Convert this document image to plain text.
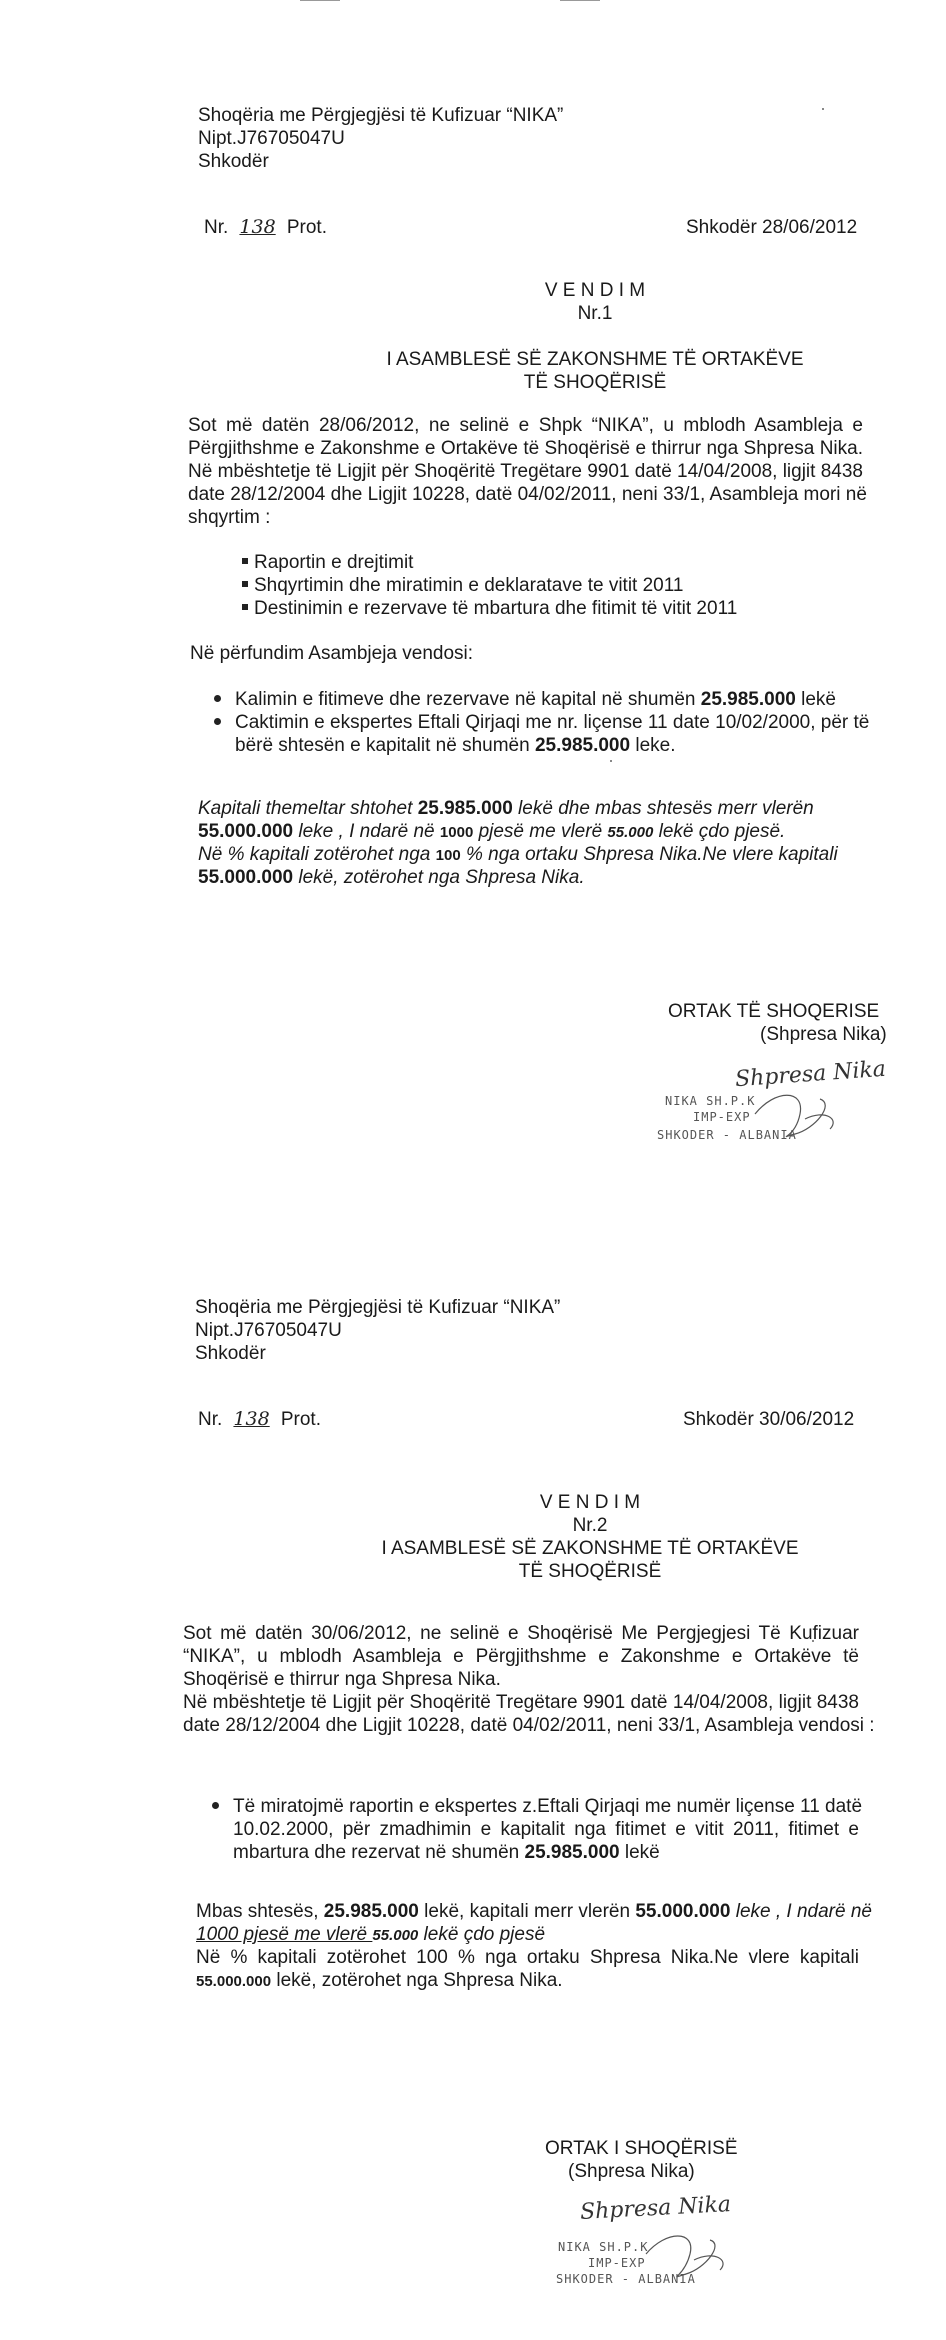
Shoqëria me Përgjegjësi të Kufizuar “NIKA”
Nipt.J76705047U
Shkodër
Nr. 138 Prot.	Shkodër 28/06/2012
V E N D I M
Nr.1
I ASAMBLESË SË ZAKONSHME TË ORTAKËVE
TË SHOQËRISË
Sot më datën 28/06/2012, ne selinë e Shpk “NIKA”, u mblodh Asambleja e
Përgjithshme e Zakonshme e Ortakëve të Shoqërisë e thirrur nga Shpresa Nika.
Në mbështetje të Ligjit për Shoqëritë Tregëtare 9901 datë 14/04/2008, ligjit 8438
date 28/12/2004 dhe Ligjit 10228, datë 04/02/2011, neni 33/1, Asambleja mori në
shqyrtim :
Raportin e drejtimit
Shqyrtimin dhe miratimin e deklaratave te vitit 2011
Destinimin e rezervave të mbartura dhe fitimit të vitit 2011
Në përfundim Asambjeja vendosi:
Kalimin e fitimeve dhe rezervave në kapital në shumën 25.985.000 lekë
Caktimin e ekspertes Eftali Qirjaqi me nr. liçense 11 date 10/02/2000, për të
bërë shtesën e kapitalit në shumën 25.985.000 leke.
Kapitali themeltar shtohet 25.985.000 lekë dhe mbas shtesës merr vlerën
55.000.000 leke , I ndarë në 1000 pjesë me vlerë 55.000 lekë çdo pjesë.
Në % kapitali zotërohet nga 100 % nga ortaku Shpresa Nika.Ne vlere kapitali
55.000.000 lekë, zotërohet nga Shpresa Nika.
ORTAK TË SHOQERISE
(Shpresa Nika)
Shpresa Nika
NIKA SH.P.K
IMP-EXP
SHKODER - ALBANIA
Shoqëria me Përgjegjësi të Kufizuar “NIKA”
Nipt.J76705047U
Shkodër
Nr. 138 Prot.	Shkodër 30/06/2012
V E N D I M
Nr.2
I ASAMBLESË SË ZAKONSHME TË ORTAKËVE
TË SHOQËRISË
Sot më datën 30/06/2012, ne selinë e Shoqërisë Me Pergjegjesi Të Kufizuar
“NIKA”, u mblodh Asambleja e Përgjithshme e Zakonshme e Ortakëve të
Shoqërisë e thirrur nga Shpresa Nika.
Në mbështetje të Ligjit për Shoqëritë Tregëtare 9901 datë 14/04/2008, ligjit 8438
date 28/12/2004 dhe Ligjit 10228, datë 04/02/2011, neni 33/1, Asambleja vendosi :
Të miratojmë raportin e ekspertes z.Eftali Qirjaqi me numër liçense 11 datë
10.02.2000, për zmadhimin e kapitalit nga fitimet e vitit 2011, fitimet e
mbartura dhe rezervat në shumën 25.985.000 lekë
Mbas shtesës, 25.985.000 lekë, kapitali merr vlerën 55.000.000 leke , I ndarë në
1000 pjesë me vlerë 55.000 lekë çdo pjesë
Në % kapitali zotërohet 100 % nga ortaku Shpresa Nika.Ne vlere kapitali
55.000.000 lekë, zotërohet nga Shpresa Nika.
ORTAK I SHOQËRISË
(Shpresa Nika)
Shpresa Nika
NIKA SH.P.K
IMP-EXP
SHKODER - ALBANIA
